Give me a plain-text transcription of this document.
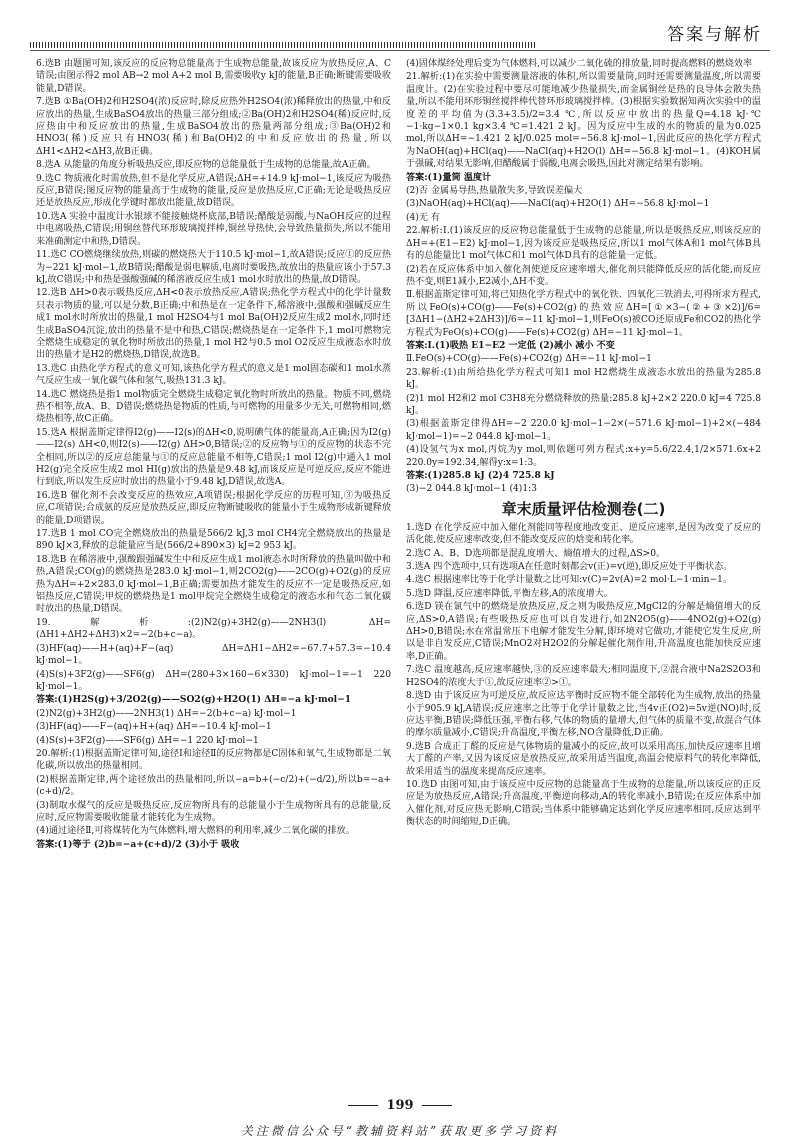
答案与解析

6.选B 由题图可知,该反应的反应物总能量高于生成物总能量,故该反应为放热反应,A、C错误;由图示得2 mol AB→2 mol A+2 mol B,需要吸收y kJ的能量,B正确;断键需要吸收能量,D错误。

7.选B ①Ba(OH)2和H2SO4(浓)反应时,除反应热外H2SO4(浓)稀释放出的热量,中和反应放出的热量,生成BaSO4放出的热量三部分组成;②Ba(OH)2和H2SO4(稀)反应时,反应热由中和反应放出的热量,生成BaSO4放出的热量两部分组成;③Ba(OH)2和HNO3(稀)反应只有HNO3(稀)和Ba(OH)2的中和反应放出的热量,所以ΔH1<ΔH2<ΔH3,故B正确。

8.选A 从能量的角度分析吸热反应,即反应物的总能量低于生成物的总能量,故A正确。

9.选C 物质液化时需放热,但不是化学反应,A错误;ΔH=+14.9 kJ·mol−1,该反应为吸热反应,B错误;图反应物的能量高于生成物的能量,反应是放热反应,C正确;无论是吸热反应还是放热反应,形成化学键时都放出能量,故D错误。

10.选A 实验中温度计水银球不能接触烧杯底部,B错误;醋酸是弱酸,与NaOH反应的过程中电离吸热,C错误;用铜丝替代环形玻璃搅拌棒,铜丝导热快,会导致热量损失,所以不能用来准确测定中和热,D错误。

11.选C CO燃烧继续放热,则碳的燃烧热大于110.5 kJ·mol−1,故A错误;反应①的反应热为−221 kJ·mol−1,故B错误;醋酸是弱电解质,电离时要吸热,故放出的热量应该小于57.3 kJ,故C错误;中和热是强酸强碱的稀溶液反应生成1 mol水时放出的热量,故D错误。

12.选B ΔH>0表示吸热反应,ΔH<0表示放热反应,A错误;热化学方程式中的化学计量数只表示物质的量,可以是分数,B正确;中和热是在一定条件下,稀溶液中,强酸和强碱反应生成1 mol水时所放出的热量,1 mol H2SO4与1 mol Ba(OH)2反应生成2 mol水,同时还生成BaSO4沉淀,放出的热量不是中和热,C错误;燃烧热是在一定条件下,1 mol可燃物完全燃烧生成稳定的氧化物时所放出的热量,1 mol H2与0.5 mol O2反应生成液态水时放出的热量才是H2的燃烧热,D错误,故选B。

13.选C 由热化学方程式的意义可知,该热化学方程式的意义是1 mol固态碳和1 mol水蒸气反应生成一氧化碳气体和氢气,吸热131.3 kJ。

14.选C 燃烧热是指1 mol物质完全燃烧生成稳定氧化物时所放出的热量。物质不同,燃烧热不相等,故A、B、D错误;燃烧热是物质的性质,与可燃物的用量多少无关,可燃物相同,燃烧热相等,故C正确。

15.选A 根据盖斯定律得I2(g)——I2(s)的ΔH<0,说明碘气体的能量高,A正确;因为I2(g)——I2(s) ΔH<0,则I2(s)——I2(g) ΔH>0,B错误;②的反应物与①的反应物的状态不完全相同,所以②的反应总能量与①的反应总能量不相等,C错误;1 mol I2(g)中通入1 mol H2(g)完全反应生成2 mol HI(g)放出的热量是9.48 kJ,而该反应是可逆反应,反应不能进行到底,所以发生反应时放出的热量小于9.48 kJ,D错误,故选A。

16.选B 催化剂不会改变反应的热效应,A项错误;根据化学反应的历程可知,③为吸热反应,C项错误;合成氨的反应是放热反应,即反应物断键吸收的能量小于生成物形成新键释放的能量,D项错误。

17.选B 1 mol CO完全燃烧放出的热量是566/2 kJ,3 mol CH4完全燃烧放出的热量是890 kJ×3,释放的总能量应当是(566/2+890×3) kJ=2 953 kJ。

18.选B 在稀溶液中,强酸跟强碱发生中和反应生成1 mol液态水时所释放的热量叫做中和热,A错误;CO(g)的燃烧热是283.0 kJ·mol−1,则2CO2(g)——2CO(g)+O2(g)的反应热为ΔH=+2×283.0 kJ·mol−1,B正确;需要加热才能发生的反应不一定是吸热反应,如铝热反应,C错误;甲烷的燃烧热是1 mol甲烷完全燃烧生成稳定的液态水和气态二氧化碳时放出的热量,D错误。

19.解析:(2)N2(g)+3H2(g)——2NH3(l) ΔH=(ΔH1+ΔH2+ΔH3)×2=−2(b+c−a)。

(3)HF(aq)——H+(aq)+F−(aq) ΔH=ΔH1−ΔH2=−67.7+57.3=−10.4 kJ·mol−1。

(4)S(s)+3F2(g)——SF6(g) ΔH=(280+3×160−6×330) kJ·mol−1=−1 220 kJ·mol−1。

答案:(1)H2S(g)+3/2O2(g)——SO2(g)+H2O(1) ΔH=−a kJ·mol−1

(2)N2(g)+3H2(g)——2NH3(1) ΔH=−2(b+c−a) kJ·mol−1

(3)HF(aq)——F−(aq)+H+(aq) ΔH=−10.4 kJ·mol−1

(4)S(s)+3F2(g)——SF6(g) ΔH=−1 220 kJ·mol−1

20.解析:(1)根据盖斯定律可知,途径Ⅰ和途径Ⅱ的反应物都是C固体和氧气,生成物都是二氧化碳,所以放出的热量相同。

(2)根据盖斯定律,两个途径放出的热量相同,所以−a=b+(−c/2)+(−d/2),所以b=−a+(c+d)/2。

(3)制取水煤气的反应是吸热反应,反应物所具有的总能量小于生成物所具有的总能量,反应时,反应物需要吸收能量才能转化为生成物。

(4)通过途径Ⅱ,可将煤转化为气体燃料,增大燃料的利用率,减少二氧化碳的排放。

答案:(1)等于 (2)b=−a+(c+d)/2 (3)小于 吸收

(4)固体煤经处理后变为气体燃料,可以减少二氧化硫的排放量,同时提高燃料的燃烧效率

21.解析:(1)在实验中需要测量溶液的体积,所以需要量筒,同时还需要测量温度,所以需要温度计。(2)在实验过程中要尽可能地减少热量损失,而金属铜丝是热的良导体会散失热量,所以不能用环形铜丝搅拌棒代替环形玻璃搅拌棒。(3)根据实验数据知两次实验中的温度差的平均值为(3.3+3.5)/2=3.4 ℃,所以反应中放出的热量Q=4.18 kJ·℃−1·kg−1×0.1 kg×3.4 ℃=1.421 2 kJ。因为反应中生成的水的物质的量为0.025 mol,所以ΔH=−1.421 2 kJ/0.025 mol=−56.8 kJ·mol−1,因此反应的热化学方程式为NaOH(aq)+HCl(aq)——NaCl(aq)+H2O(l) ΔH=−56.8 kJ·mol−1。(4)KOH属于强碱,对结果无影响,但醋酸属于弱酸,电离会吸热,因此对测定结果有影响。

答案:(1)量筒 温度计

(2)否 金属易导热,热量散失多,导致误差偏大

(3)NaOH(aq)+HCl(aq)——NaCl(aq)+H2O(1) ΔH=−56.8 kJ·mol−1

(4)无 有

22.解析:Ⅰ.(1)该反应的反应物总能量低于生成物的总能量,所以是吸热反应,则该反应的ΔH=+(E1−E2) kJ·mol−1,因为该反应是吸热反应,所以1 mol气体A和1 mol气体B具有的总能量比1 mol气体C和1 mol气体D具有的总能量一定低。

(2)若在反应体系中加入催化剂使逆反应速率增大,催化剂只能降低反应的活化能,而反应热不变,则E1减小,E2减小,ΔH不变。

Ⅱ.根据盖斯定律可知,将已知热化学方程式中的氧化铁、四氧化三铁消去,可得所求方程式,所以FeO(s)+CO(g)——Fe(s)+CO2(g)的热效应ΔH=[①×3−(②+③×2)]/6=[3ΔH1−(ΔH2+2ΔH3)]/6=−11 kJ·mol−1,则FeO(s)被CO还原成Fe和CO2的热化学方程式为FeO(s)+CO(g)——Fe(s)+CO2(g) ΔH=−11 kJ·mol−1。

答案:Ⅰ.(1)吸热 E1−E2 一定低 (2)减小 减小 不变

Ⅱ.FeO(s)+CO(g)——Fe(s)+CO2(g) ΔH=−11 kJ·mol−1

23.解析:(1)由所给热化学方程式可知1 mol H2燃烧生成液态水放出的热量为285.8 kJ。

(2)1 mol H2和2 mol C3H8充分燃烧释放的热量:285.8 kJ+2×2 220.0 kJ=4 725.8 kJ。

(3)根据盖斯定律得ΔH=−2 220.0 kJ·mol−1−2×(−571.6 kJ·mol−1)+2×(−484 kJ·mol−1)=−2 044.8 kJ·mol−1。

(4)设氢气为x mol,丙烷为y mol,则依题可列方程式:x+y=5.6/22.4,1/2×571.6x+2 220.0y=192.34,解得y:x=1:3。

答案:(1)285.8 kJ (2)4 725.8 kJ

(3)−2 044.8 kJ·mol−1 (4)1:3

章末质量评估检测卷(二)

1.选D 在化学反应中加入催化剂能同等程度地改变正、逆反应速率,是因为改变了反应的活化能,使反应速率改变,但不能改变反应的焓变和转化率。

2.选C A、B、D选项都是混乱度增大、熵值增大的过程,ΔS>0。

3.选A 四个选项中,只有选项A在任意时刻都会v(正)=v(逆),即反应处于平衡状态。

4.选C 根据速率比等于化学计量数之比可知:v(C)=2v(A)=2 mol·L−1·min−1。

5.选D 降温,反应速率降低,平衡左移,A的浓度增大。

6.选D 镁在氯气中的燃烧是放热反应,反之则为吸热反应,MgCl2的分解是熵值增大的反应,ΔS>0,A错误;有些吸热反应也可以自发进行,如2N2O5(g)——4NO2(g)+O2(g) ΔH>0,B错误;水在常温常压下电解才能发生分解,即环境对它做功,才能使它发生反应,所以是非自发反应,C错误;MnO2对H2O2的分解起催化剂作用,升高温度也能加快反应速率,D正确。

7.选C 温度越高,反应速率越快,③的反应速率最大;相同温度下,②混合液中Na2S2O3和H2SO4的浓度大于①,故反应速率②>①。

8.选D 由于该反应为可逆反应,故反应达平衡时反应物不能全部转化为生成物,放出的热量小于905.9 kJ,A错误;反应速率之比等于化学计量数之比,当4v正(O2)=5v逆(NO)时,反应达平衡,B错误;降低压强,平衡右移,气体的物质的量增大,但气体的质量不变,故混合气体的摩尔质量减小,C错误;升高温度,平衡左移,NO含量降低,D正确。

9.选B 合成正丁醛的反应是气体物质的量减小的反应,故可以采用高压,加快反应速率且增大丁醛的产率,又因为该反应是放热反应,故采用适当温度,高温会使原料气的转化率降低,故采用适当的温度来提高反应速率。

10.选D 由图可知,由于该反应中反应物的总能量高于生成物的总能量,所以该反应的正反应是为放热反应,A错误;升高温度,平衡逆向移动,A的转化率减小,B错误;在反应体系中加入催化剂,对反应热无影响,C错误;当体系中能够确定达到化学反应速率相同,反应达到平衡状态的时间缩短,D正确。

199
关注微信公众号“教辅资料站”获取更多学习资料
